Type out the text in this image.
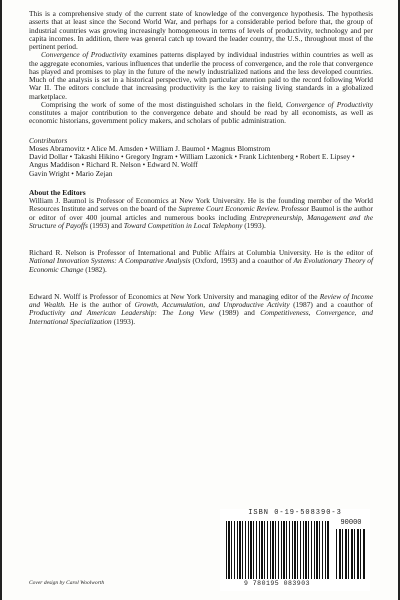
This is a comprehensive study of the current state of knowledge of the convergence hypothesis. The hypothesis asserts that at least since the Second World War, and perhaps for a considerable period before that, the group of industrial countries was growing increasingly homogeneous in terms of levels of productivity, technology and per capita incomes. In addition, there was general catch up toward the leader country, the U.S., throughout most of the pertinent period.

Convergence of Productivity examines patterns displayed by individual industries within countries as well as the aggregate economies, various influences that underlie the process of convergence, and the role that convergence has played and promises to play in the future of the newly industrialized nations and the less developed countries. Much of the analysis is set in a historical perspective, with particular attention paid to the record following World War II. The editors conclude that increasing productivity is the key to raising living standards in a globalized marketplace.

Comprising the work of some of the most distinguished scholars in the field, Convergence of Productivity constitutes a major contribution to the convergence debate and should be read by all economists, as well as economic historians, government policy makers, and scholars of public administration.

Contributors

Moses Abramovitz • Alice M. Amsden • William J. Baumol • Magnus Blomstrom

David Dollar • Takashi Hikino • Gregory Ingram • William Lazonick • Frank Lichtenberg • Robert E. Lipsey • Angus Maddison • Richard R. Nelson • Edward N. Wolff

Gavin Wright • Mario Zejan

About the Editors

William J. Baumol is Professor of Economics at New York University. He is the founding member of the World Resources Institute and serves on the board of the Supreme Court Economic Review. Professor Baumol is the author or editor of over 400 journal articles and numerous books including Entrepreneurship, Management and the Structure of Payoffs (1993) and Toward Competition in Local Telephony (1993).

Richard R. Nelson is Professor of International and Public Affairs at Columbia University. He is the editor of National Innovation Systems: A Comparative Analysis (Oxford, 1993) and a coauthor of An Evolutionary Theory of Economic Change (1982).

Edward N. Wolff is Professor of Economics at New York University and managing editor of the Review of Income and Wealth. He is the author of Growth, Accumulation, and Unproductive Activity (1987) and a coauthor of Productivity and American Leadership: The Long View (1989) and Competitiveness, Convergence, and International Specialization (1993).

ISBN 0-19-508390-3
90000
9 780195 083903
Cover design by Carol Woolworth
